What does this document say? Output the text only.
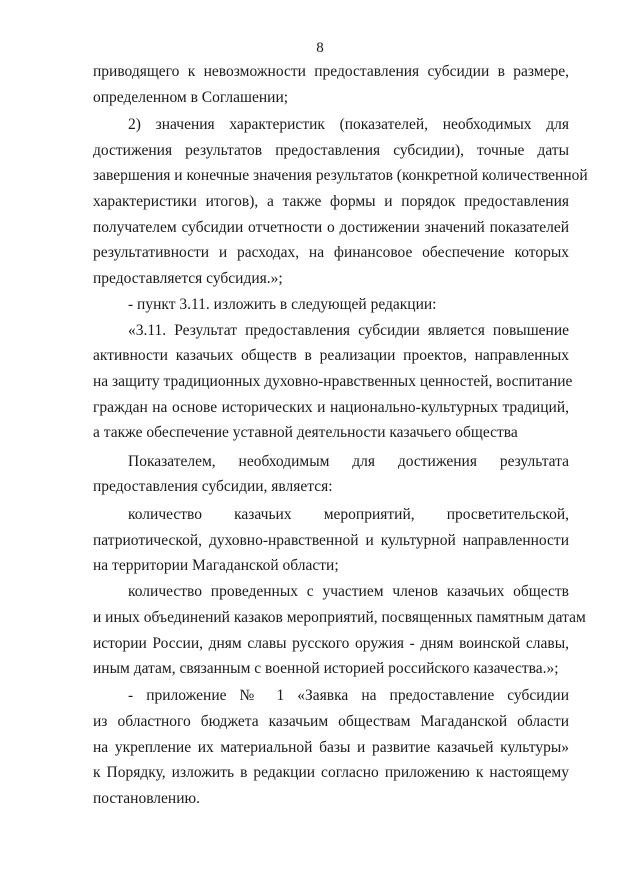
8
приводящего к невозможности предоставления субсидии в размере,
определенном в Соглашении;
2) значения характеристик (показателей, необходимых для
достижения результатов предоставления субсидии), точные даты
завершения и конечные значения результатов (конкретной количественной
характеристики итогов), а также формы и порядок предоставления
получателем субсидии отчетности о достижении значений показателей
результативности и расходах, на финансовое обеспечение которых
предоставляется субсидия.»;
- пункт 3.11. изложить в следующей редакции:
«3.11. Результат предоставления субсидии является повышение
активности казачьих обществ в реализации проектов, направленных
на защиту традиционных духовно-нравственных ценностей, воспитание
граждан на основе исторических и национально-культурных традиций,
а также обеспечение уставной деятельности казачьего общества
Показателем, необходимым для достижения результата
предоставления субсидии, является:
количество казачьих мероприятий, просветительской,
патриотической, духовно-нравственной и культурной направленности
на территории Магаданской области;
количество проведенных с участием членов казачьих обществ
и иных объединений казаков мероприятий, посвященных памятным датам
истории России, дням славы русского оружия - дням воинской славы,
иным датам, связанным с военной историей российского казачества.»;
- приложение № 1 «Заявка на предоставление субсидии
из областного бюджета казачьим обществам Магаданской области
на укрепление их материальной базы и развитие казачьей культуры»
к Порядку, изложить в редакции согласно приложению к настоящему
постановлению.
